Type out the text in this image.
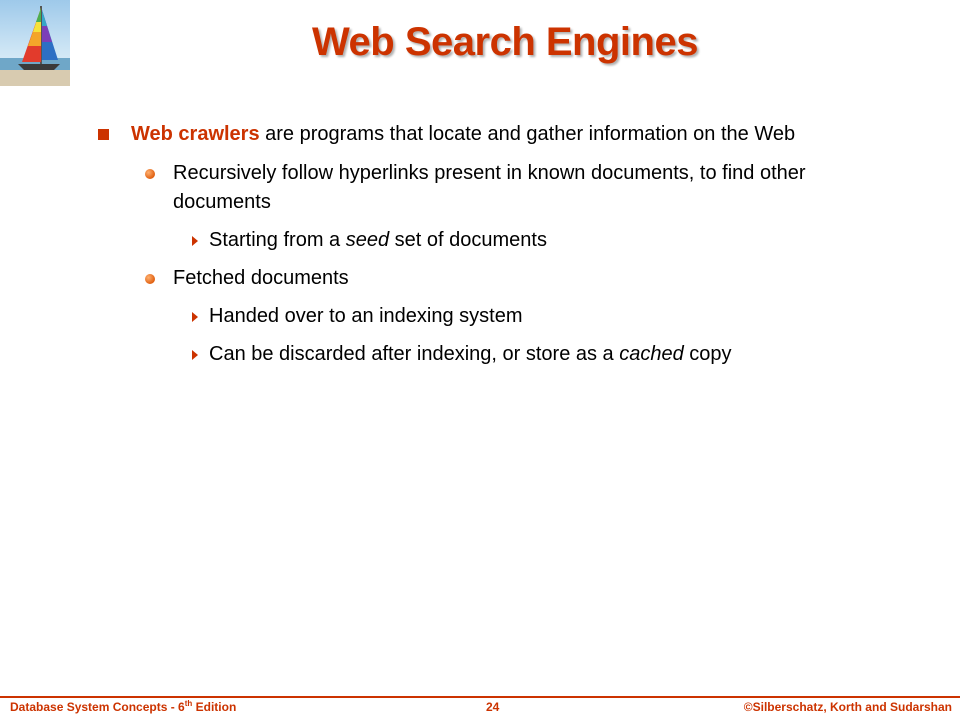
Web Search Engines
Web crawlers are programs that locate and gather information on the Web
Recursively follow hyperlinks present in known documents, to find other documents
Starting from a seed set of documents
Fetched documents
Handed over to an indexing system
Can be discarded after indexing, or store as a cached copy
Database System Concepts - 6th Edition	24	©Silberschatz, Korth and Sudarshan
